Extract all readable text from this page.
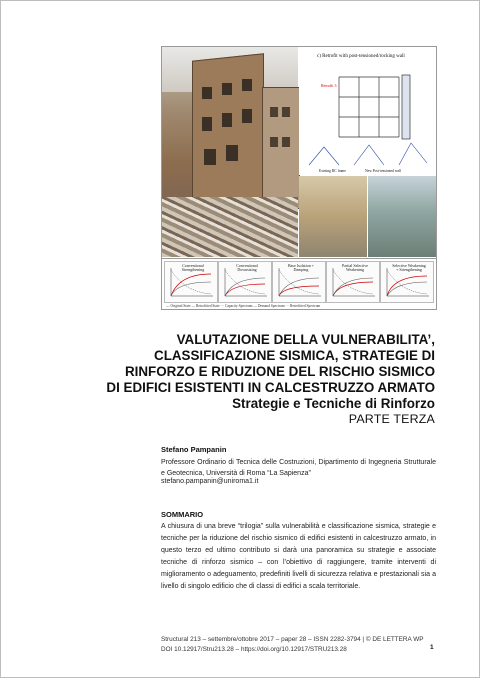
c) Retrofit with post-tensioned/rocking wall
Retrofit 3
Existing RC frame	New Post-tensioned wall
Conventional Strengthening
Conventional Downsizing
Base Isolation + Damping
Partial Selective Weakening
Selective Weakening + Strengthening
— Original State — Retrofitted State ··· Capacity Spectrum — Demand Spectrum ··· Retrofitted Spectrum
VALUTAZIONE DELLA VULNERABILITA’,
CLASSIFICAZIONE SISMICA, STRATEGIE DI
RINFORZO E RIDUZIONE DEL RISCHIO SISMICO
DI EDIFICI ESISTENTI IN CALCESTRUZZO ARMATO
Strategie e Tecniche di Rinforzo
PARTE TERZA
Stefano Pampanin
Professore Ordinario di Tecnica delle Costruzioni, Dipartimento di Ingegneria Strutturale e Geotecnica, Università di Roma “La Sapienza”
stefano.pampanin@uniroma1.it
SOMMARIO
A chiusura di una breve “trilogia” sulla vulnerabilità e classificazione sismica, strategie e tecniche per la riduzione del rischio sismico di edifici esistenti in calcestruzzo armato, in questo terzo ed ultimo contributo si darà una panoramica su strategie e associate tecniche di rinforzo sismico – con l’obiettivo di raggiungere, tramite interventi di miglioramento o adeguamento, predefiniti livelli di sicurezza relativa e prestazionali sia a livello di singolo edificio che di classi di edifici a scala territoriale.
Structural 213 – settembre/ottobre 2017 – paper 28 – ISSN 2282-3794 | © DE LETTERA WP
DOI 10.12917/Stru213.28 – https://doi.org/10.12917/STRU213.28	1
